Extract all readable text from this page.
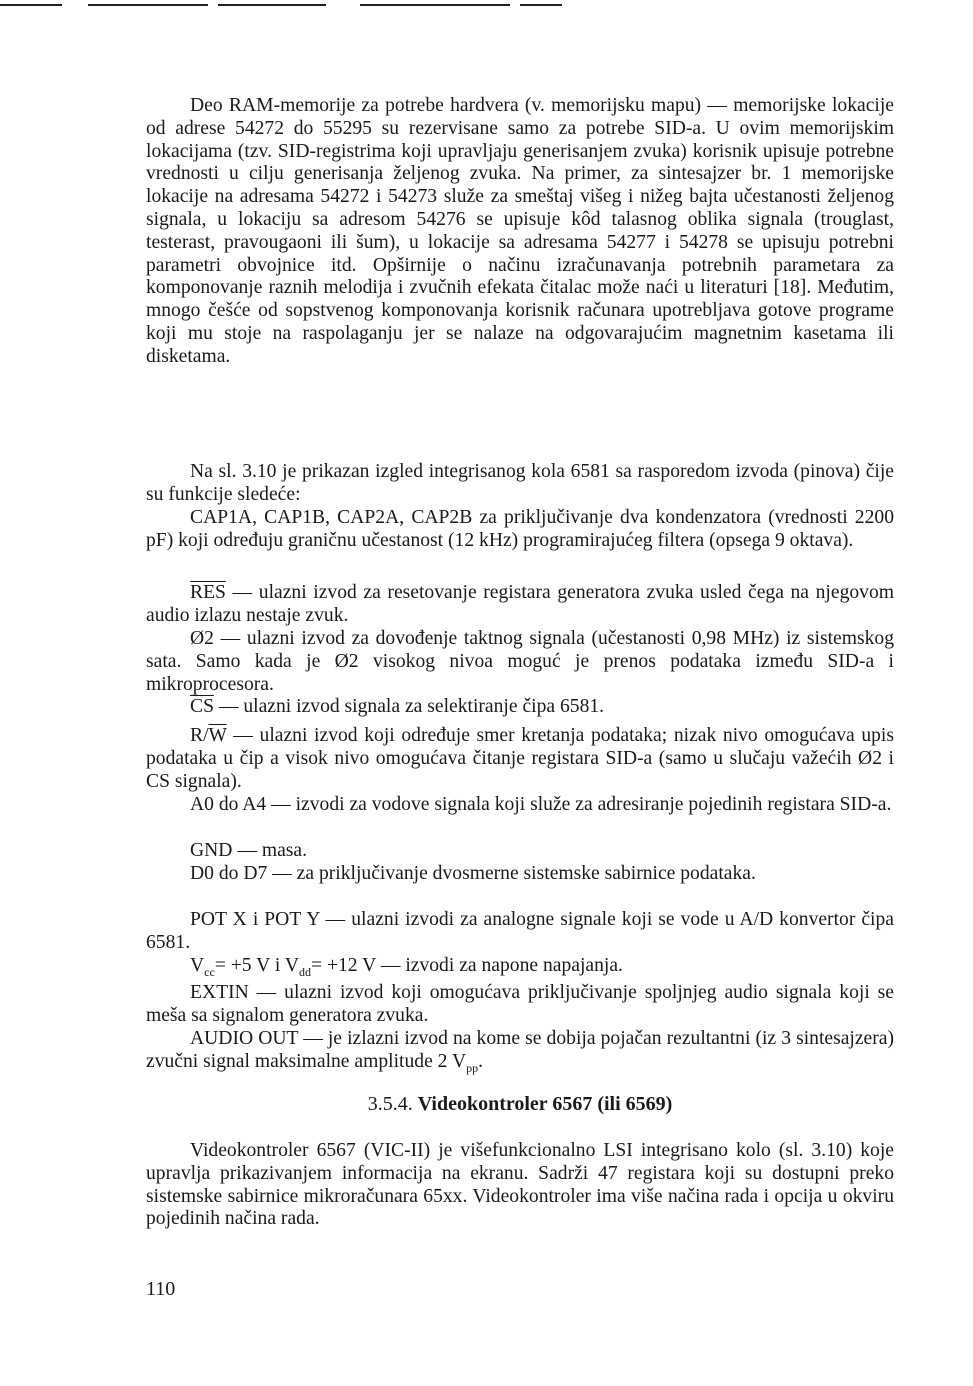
Deo RAM-memorije za potrebe hardvera (v. memorijsku mapu) — memorijske lokacije od adrese 54272 do 55295 su rezervisane samo za potrebe SID-a. U ovim memorijskim lokacijama (tzv. SID-registrima koji upravljaju generisanjem zvuka) korisnik upisuje potrebne vrednosti u cilju generisanja željenog zvuka. Na primer, za sintesajzer br. 1 memorijske lokacije na adresama 54272 i 54273 služe za smeštaj višeg i nižeg bajta učestanosti željenog signala, u lokaciju sa adresom 54276 se upisuje kôd talasnog oblika signala (trouglast, testerast, pravougaoni ili šum), u lokacije sa adresama 54277 i 54278 se upisuju potrebni parametri obvojnice itd. Opširnije o načinu izračunavanja potrebnih parametara za komponovanje raznih melodija i zvučnih efekata čitalac može naći u literaturi [18]. Međutim, mnogo češće od sopstvenog komponovanja korisnik računara upotrebljava gotove programe koji mu stoje na raspolaganju jer se nalaze na odgovarajućim magnetnim kasetama ili disketama.

Na sl. 3.10 je prikazan izgled integrisanog kola 6581 sa rasporedom izvoda (pinova) čije su funkcije sledeće:

CAP1A, CAP1B, CAP2A, CAP2B za priključivanje dva kondenzatora (vrednosti 2200 pF) koji određuju graničnu učestanost (12 kHz) programirajućeg filtera (opsega 9 oktava).

$\overline{RES}$ — ulazni izvod za resetovanje registara generatora zvuka usled čega na njegovom audio izlazu nestaje zvuk.

Ø2 — ulazni izvod za dovođenje taktnog signala (učestanosti 0,98 MHz) iz sistemskog sata. Samo kada je Ø2 visokog nivoa moguć je prenos podataka između SID-a i mikroprocesora.

$\overline{CS}$ — ulazni izvod signala za selektiranje čipa 6581.

$R/\overline{W}$ — ulazni izvod koji određuje smer kretanja podataka; nizak nivo omogućava upis podataka u čip a visok nivo omogućava čitanje registara SID-a (samo u slučaju važećih Ø2 i CS signala).

A0 do A4 — izvodi za vodove signala koji služe za adresiranje pojedinih registara SID-a.

GND — masa.

D0 do D7 — za priključivanje dvosmerne sistemske sabirnice podataka.

POT X i POT Y — ulazni izvodi za analogne signale koji se vode u A/D konvertor čipa 6581.

$V_{cc}= +5$ V i $V_{dd}= +12$ V — izvodi za napone napajanja.

EXTIN — ulazni izvod koji omogućava priključivanje spoljnjeg audio signala koji se meša sa signalom generatora zvuka.

AUDIO OUT — je izlazni izvod na kome se dobija pojačan rezultantni (iz 3 sintesajzera) zvučni signal maksimalne amplitude 2 $V_{pp}$.

3.5.4. Videokontroler 6567 (ili 6569)

Videokontroler 6567 (VIC-II) je višefunkcionalno LSI integrisano kolo (sl. 3.10) koje upravlja prikazivanjem informacija na ekranu. Sadrži 47 registara koji su dostupni preko sistemske sabirnice mikroračunara 65xx. Videokontroler ima više načina rada i opcija u okviru pojedinih načina rada.

110
